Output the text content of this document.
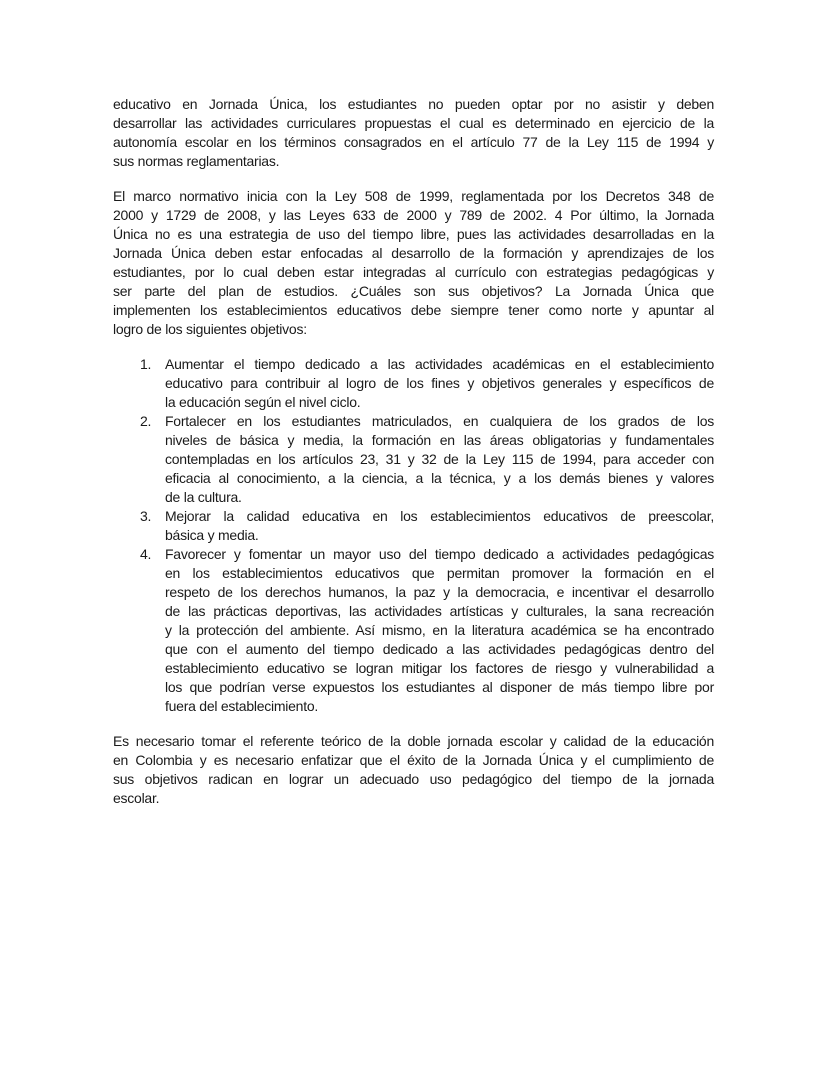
educativo en Jornada Única, los estudiantes no pueden optar por no asistir y deben
desarrollar las actividades curriculares propuestas el cual es determinado en ejercicio de la
autonomía escolar en los términos consagrados en el artículo 77 de la Ley 115 de 1994 y
sus normas reglamentarias.
El marco normativo inicia con la Ley 508 de 1999, reglamentada por los Decretos 348 de
2000 y 1729 de 2008, y las Leyes 633 de 2000 y 789 de 2002. 4 Por último, la Jornada
Única no es una estrategia de uso del tiempo libre, pues las actividades desarrolladas en la
Jornada Única deben estar enfocadas al desarrollo de la formación y aprendizajes de los
estudiantes, por lo cual deben estar integradas al currículo con estrategias pedagógicas y
ser parte del plan de estudios. ¿Cuáles son sus objetivos? La Jornada Única que
implementen los establecimientos educativos debe siempre tener como norte y apuntar al
logro de los siguientes objetivos:
1. Aumentar el tiempo dedicado a las actividades académicas en el establecimiento
educativo para contribuir al logro de los fines y objetivos generales y específicos de
la educación según el nivel ciclo.
2. Fortalecer en los estudiantes matriculados, en cualquiera de los grados de los
niveles de básica y media, la formación en las áreas obligatorias y fundamentales
contempladas en los artículos 23, 31 y 32 de la Ley 115 de 1994, para acceder con
eficacia al conocimiento, a la ciencia, a la técnica, y a los demás bienes y valores
de la cultura.
3. Mejorar la calidad educativa en los establecimientos educativos de preescolar,
básica y media.
4. Favorecer y fomentar un mayor uso del tiempo dedicado a actividades pedagógicas
en los establecimientos educativos que permitan promover la formación en el
respeto de los derechos humanos, la paz y la democracia, e incentivar el desarrollo
de las prácticas deportivas, las actividades artísticas y culturales, la sana recreación
y la protección del ambiente. Así mismo, en la literatura académica se ha encontrado
que con el aumento del tiempo dedicado a las actividades pedagógicas dentro del
establecimiento educativo se logran mitigar los factores de riesgo y vulnerabilidad a
los que podrían verse expuestos los estudiantes al disponer de más tiempo libre por
fuera del establecimiento.
Es necesario tomar el referente teórico de la doble jornada escolar y calidad de la educación
en Colombia y es necesario enfatizar que el éxito de la Jornada Única y el cumplimiento de
sus objetivos radican en lograr un adecuado uso pedagógico del tiempo de la jornada
escolar.
